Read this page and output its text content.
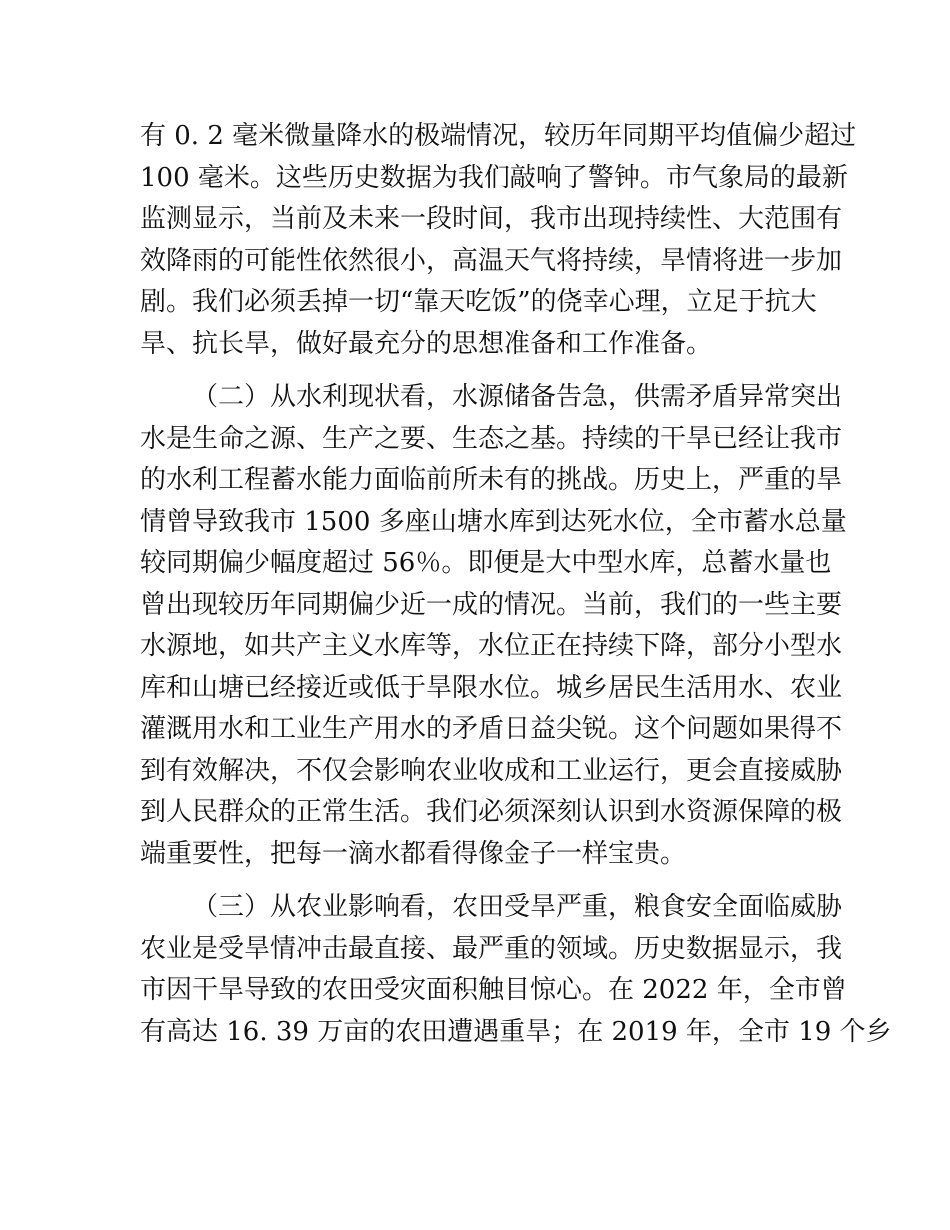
有 0. 2 毫米微量降水的极端情况，较历年同期平均值偏少超过
100 毫米。这些历史数据为我们敲响了警钟。市气象局的最新
监测显示，当前及未来一段时间，我市出现持续性、大范围有
效降雨的可能性依然很小，高温天气将持续，旱情将进一步加
剧。我们必须丢掉一切“靠天吃饭”的侥幸心理，立足于抗大
旱、抗长旱，做好最充分的思想准备和工作准备。
（二）从水利现状看，水源储备告急，供需矛盾异常突出
水是生命之源、生产之要、生态之基。持续的干旱已经让我市
的水利工程蓄水能力面临前所未有的挑战。历史上，严重的旱
情曾导致我市 1500 多座山塘水库到达死水位，全市蓄水总量
较同期偏少幅度超过 56％。即便是大中型水库，总蓄水量也
曾出现较历年同期偏少近一成的情况。当前，我们的一些主要
水源地，如共产主义水库等，水位正在持续下降，部分小型水
库和山塘已经接近或低于旱限水位。城乡居民生活用水、农业
灌溉用水和工业生产用水的矛盾日益尖锐。这个问题如果得不
到有效解决，不仅会影响农业收成和工业运行，更会直接威胁
到人民群众的正常生活。我们必须深刻认识到水资源保障的极
端重要性，把每一滴水都看得像金子一样宝贵。
（三）从农业影响看，农田受旱严重，粮食安全面临威胁
农业是受旱情冲击最直接、最严重的领域。历史数据显示，我
市因干旱导致的农田受灾面积触目惊心。在 2022 年，全市曾
有高达 16. 39 万亩的农田遭遇重旱；在 2019 年，全市 19 个乡
